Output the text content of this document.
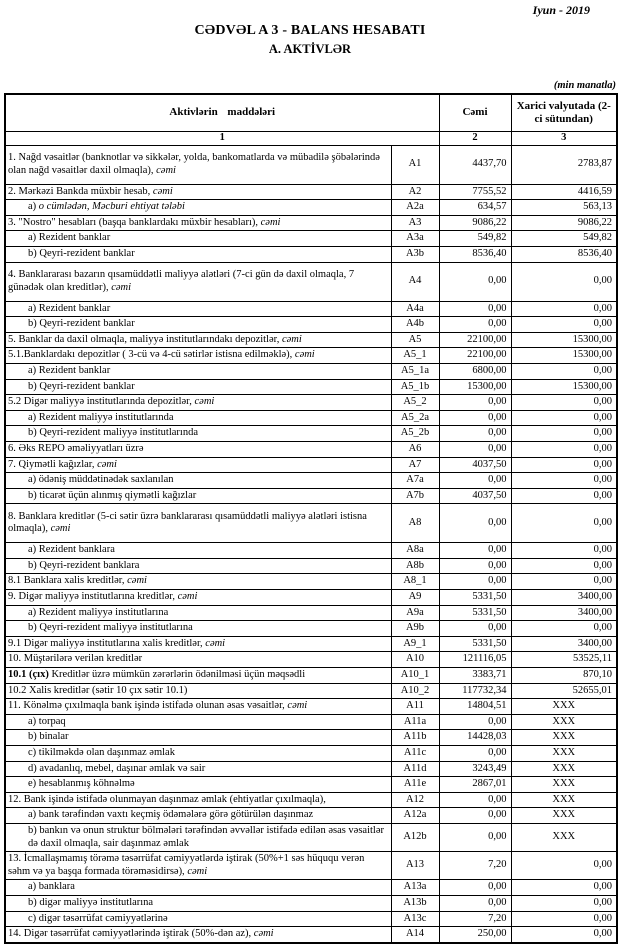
Iyun - 2019
CƏDVƏL A 3 - BALANS HESABATI
A. AKTİVLƏR
(min manatla)
Aktivlərin maddələri		Cəmi	Xarici valyutada (2-ci sütundan)
1		2	3
1. Nağd vəsaitlər (banknotlar və sikkələr, yolda, bankomatlarda və mübadilə şöbələrində olan nağd vəsaitlər daxil olmaqla), cəmi	A1	4437,70	2783,87
2. Mərkəzi Bankda müxbir hesab, cəmi	A2	7755,52	4416,59
a) o cümlədən, Məcburi ehtiyat tələbi	A2a	634,57	563,13
3. "Nostro" hesabları (başqa banklardakı müxbir hesabları), cəmi	A3	9086,22	9086,22
a) Rezident banklar	A3a	549,82	549,82
b) Qeyri-rezident banklar	A3b	8536,40	8536,40
4. Banklararası bazarın qısamüddətli maliyyə alətləri (7-ci gün də daxil olmaqla, 7 günədək olan kreditlər), cəmi	A4	0,00	0,00
a) Rezident banklar	A4a	0,00	0,00
b) Qeyri-rezident banklar	A4b	0,00	0,00
5. Banklar da daxil olmaqla, maliyyə institutlarındakı depozitlər, cəmi	A5	22100,00	15300,00
5.1.Banklardakı depozitlər ( 3-cü və 4-cü sətirlər istisna edilməklə), cəmi	A5_1	22100,00	15300,00
a) Rezident banklar	A5_1a	6800,00	0,00
b) Qeyri-rezident banklar	A5_1b	15300,00	15300,00
5.2 Digər maliyyə institutlarında depozitlər, cəmi	A5_2	0,00	0,00
a) Rezident maliyyə institutlarında	A5_2a	0,00	0,00
b) Qeyri-rezident maliyyə institutlarında	A5_2b	0,00	0,00
6. Əks REPO əməliyyatları üzrə	A6	0,00	0,00
7. Qiymətli kağızlar, cəmi	A7	4037,50	0,00
a) ödəniş müddətinədək saxlanılan	A7a	0,00	0,00
b) ticarət üçün alınmış qiymətli kağızlar	A7b	4037,50	0,00
8. Banklara kreditlər (5-ci sətir üzrə banklararası qısamüddətli maliyyə alətləri istisna olmaqla), cəmi	A8	0,00	0,00
a) Rezident banklara	A8a	0,00	0,00
b) Qeyri-rezident banklara	A8b	0,00	0,00
8.1 Banklara xalis kreditlər, cəmi	A8_1	0,00	0,00
9. Digər maliyyə institutlarına kreditlər, cəmi	A9	5331,50	3400,00
a) Rezident maliyyə institutlarına	A9a	5331,50	3400,00
b) Qeyri-rezident maliyyə institutlarına	A9b	0,00	0,00
9.1 Digər maliyyə institutlarına xalis kreditlər, cəmi	A9_1	5331,50	3400,00
10. Müştərilərə verilən kreditlər	A10	121116,05	53525,11
10.1 (çıx) Kreditlər üzrə mümkün zərərlərin ödənilməsi üçün məqsədli	A10_1	3383,71	870,10
10.2 Xalis kreditlər (sətir 10 çıx sətir 10.1)	A10_2	117732,34	52655,01
11. Könəlmə çıxılmaqla bank işində istifadə olunan əsas vəsaitlər, cəmi	A11	14804,51	XXX
a) torpaq	A11a	0,00	XXX
b) binalar	A11b	14428,03	XXX
c) tikilməkdə olan daşınmaz əmlak	A11c	0,00	XXX
d) avadanlıq, mebel, daşınar əmlak və sair	A11d	3243,49	XXX
e) hesablanmış köhnəlmə	A11e	2867,01	XXX
12. Bank işində istifadə olunmayan daşınmaz əmlak (ehtiyatlar çıxılmaqla),	A12	0,00	XXX
a) bank tərəfindən vaxtı keçmiş ödəmələrə görə götürülən daşınmaz	A12a	0,00	XXX
b) bankın və onun struktur bölmələri tərəfindən əvvəllər istifadə edilən əsas vəsaitlər də daxil olmaqla, sair daşınmaz əmlak	A12b	0,00	XXX
13. İcmallaşmamış törəmə təsərrüfat cəmiyyətlərdə iştirak (50%+1 səs hüququ verən səhm və ya başqa formada törəməsidirsə), cəmi	A13	7,20	0,00
a) banklara	A13a	0,00	0,00
b) digər maliyyə institutlarına	A13b	0,00	0,00
c) digər təsərrüfat cəmiyyətlərinə	A13c	7,20	0,00
14. Digər təsərrüfat cəmiyyətlərində iştirak (50%-dən az), cəmi	A14	250,00	0,00
